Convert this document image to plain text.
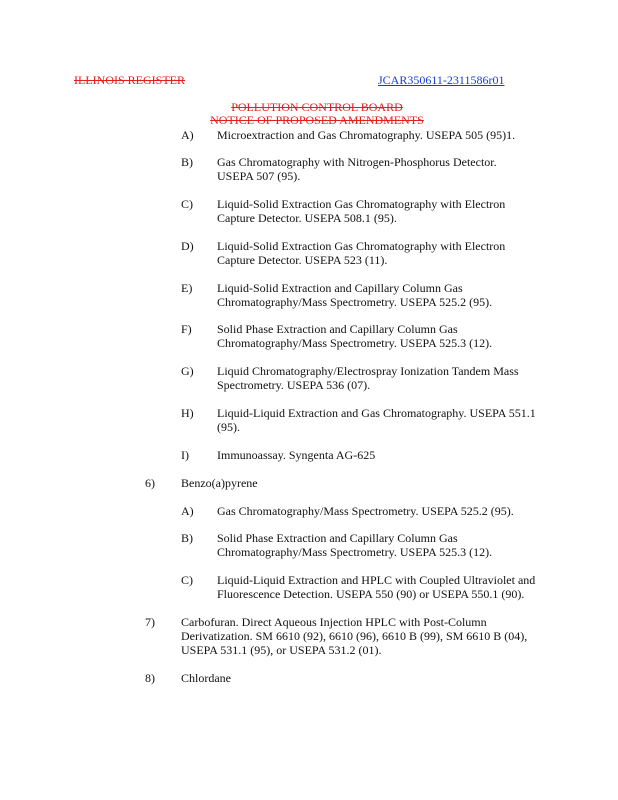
ILLINOIS REGISTER	JCAR350611-2311586r01
POLLUTION CONTROL BOARD
NOTICE OF PROPOSED AMENDMENTS
A) Microextraction and Gas Chromatography. USEPA 505 (95)1.
B) Gas Chromatography with Nitrogen-Phosphorus Detector.
USEPA 507 (95).
C) Liquid-Solid Extraction Gas Chromatography with Electron
Capture Detector. USEPA 508.1 (95).
D) Liquid-Solid Extraction Gas Chromatography with Electron
Capture Detector. USEPA 523 (11).
E) Liquid-Solid Extraction and Capillary Column Gas
Chromatography/Mass Spectrometry. USEPA 525.2 (95).
F) Solid Phase Extraction and Capillary Column Gas
Chromatography/Mass Spectrometry. USEPA 525.3 (12).
G) Liquid Chromatography/Electrospray Ionization Tandem Mass
Spectrometry. USEPA 536 (07).
H) Liquid-Liquid Extraction and Gas Chromatography. USEPA 551.1
(95).
I) Immunoassay. Syngenta AG-625
6) Benzo(a)pyrene
A) Gas Chromatography/Mass Spectrometry. USEPA 525.2 (95).
B) Solid Phase Extraction and Capillary Column Gas
Chromatography/Mass Spectrometry. USEPA 525.3 (12).
C) Liquid-Liquid Extraction and HPLC with Coupled Ultraviolet and
Fluorescence Detection. USEPA 550 (90) or USEPA 550.1 (90).
7) Carbofuran. Direct Aqueous Injection HPLC with Post-Column
Derivatization. SM 6610 (92), 6610 (96), 6610 B (99), SM 6610 B (04),
USEPA 531.1 (95), or USEPA 531.2 (01).
8) Chlordane
